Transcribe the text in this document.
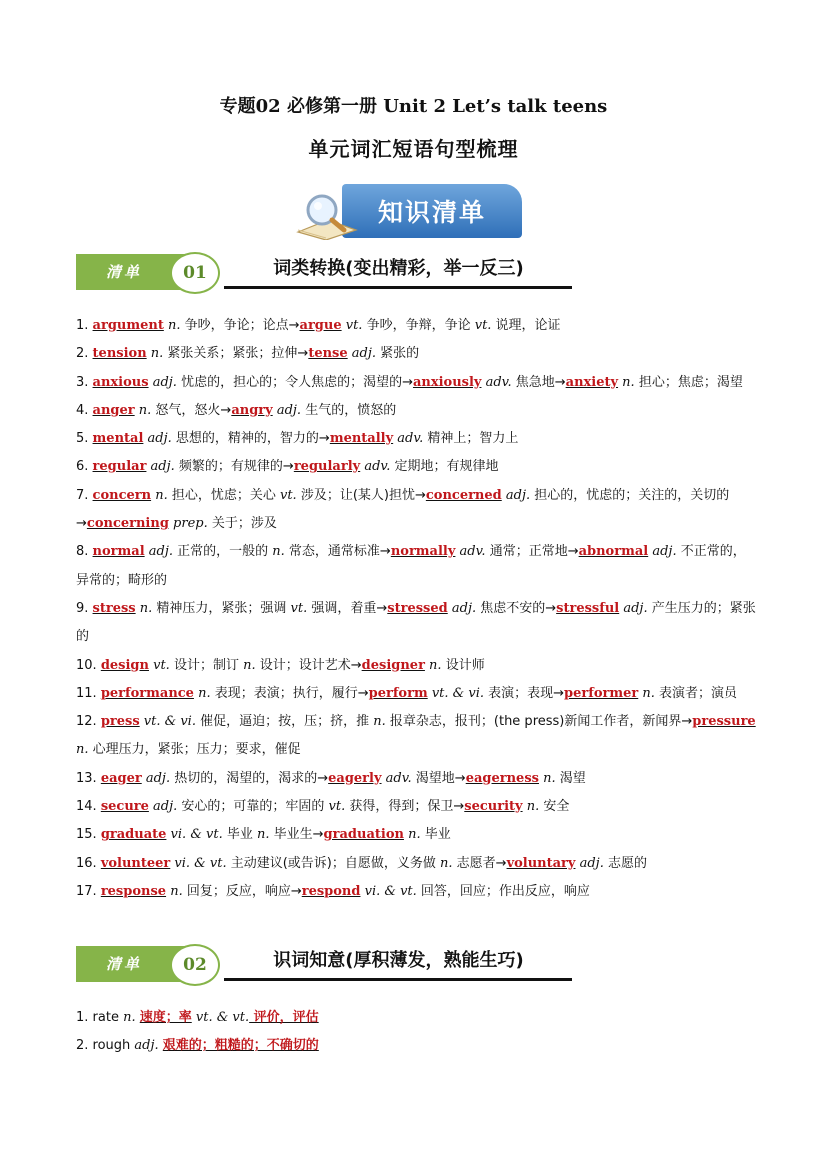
专题02 必修第一册 Unit 2 Let’s talk teens
单元词汇短语句型梳理
知识清单
清单	01	词类转换(变出精彩，举一反三)

1. argument n. 争吵，争论；论点→argue vt. 争吵，争辩，争论 vt. 说理，论证

2. tension n. 紧张关系；紧张；拉伸→tense adj. 紧张的

3. anxious adj. 忧虑的，担心的；令人焦虑的；渴望的→anxiously adv. 焦急地→anxiety n. 担心；焦虑；渴望

4. anger n. 怒气，怒火→angry adj. 生气的，愤怒的

5. mental adj. 思想的，精神的，智力的→mentally adv. 精神上；智力上

6. regular adj. 频繁的；有规律的→regularly adv. 定期地；有规律地

7. concern n. 担心，忧虑；关心 vt. 涉及；让(某人)担忧→concerned adj. 担心的，忧虑的；关注的，关切的→concerning prep. 关于；涉及

8. normal adj. 正常的，一般的 n. 常态，通常标准→normally adv. 通常；正常地→abnormal adj. 不正常的，异常的；畸形的

9. stress n. 精神压力，紧张；强调 vt. 强调，着重→stressed adj. 焦虑不安的→stressful adj. 产生压力的；紧张的

10. design vt. 设计；制订 n. 设计；设计艺术→designer n. 设计师

11. performance n. 表现；表演；执行，履行→perform vt. & vi. 表演；表现→performer n. 表演者；演员

12. press vt. & vi. 催促，逼迫；按，压；挤，推 n. 报章杂志，报刊；(the press)新闻工作者，新闻界→pressure n. 心理压力，紧张；压力；要求，催促

13. eager adj. 热切的，渴望的，渴求的→eagerly adv. 渴望地→eagerness n. 渴望

14. secure adj. 安心的；可靠的；牢固的 vt. 获得，得到；保卫→security n. 安全

15. graduate vi. & vt. 毕业 n. 毕业生→graduation n. 毕业

16. volunteer vi. & vt. 主动建议(或告诉)；自愿做，义务做 n. 志愿者→voluntary adj. 志愿的

17. response n. 回复；反应，响应→respond vi. & vt. 回答，回应；作出反应，响应

清单	02	识词知意(厚积薄发，熟能生巧)

1. rate n. 速度；率 vt. & vt. 评价，评估

2. rough adj. 艰难的；粗糙的；不确切的
